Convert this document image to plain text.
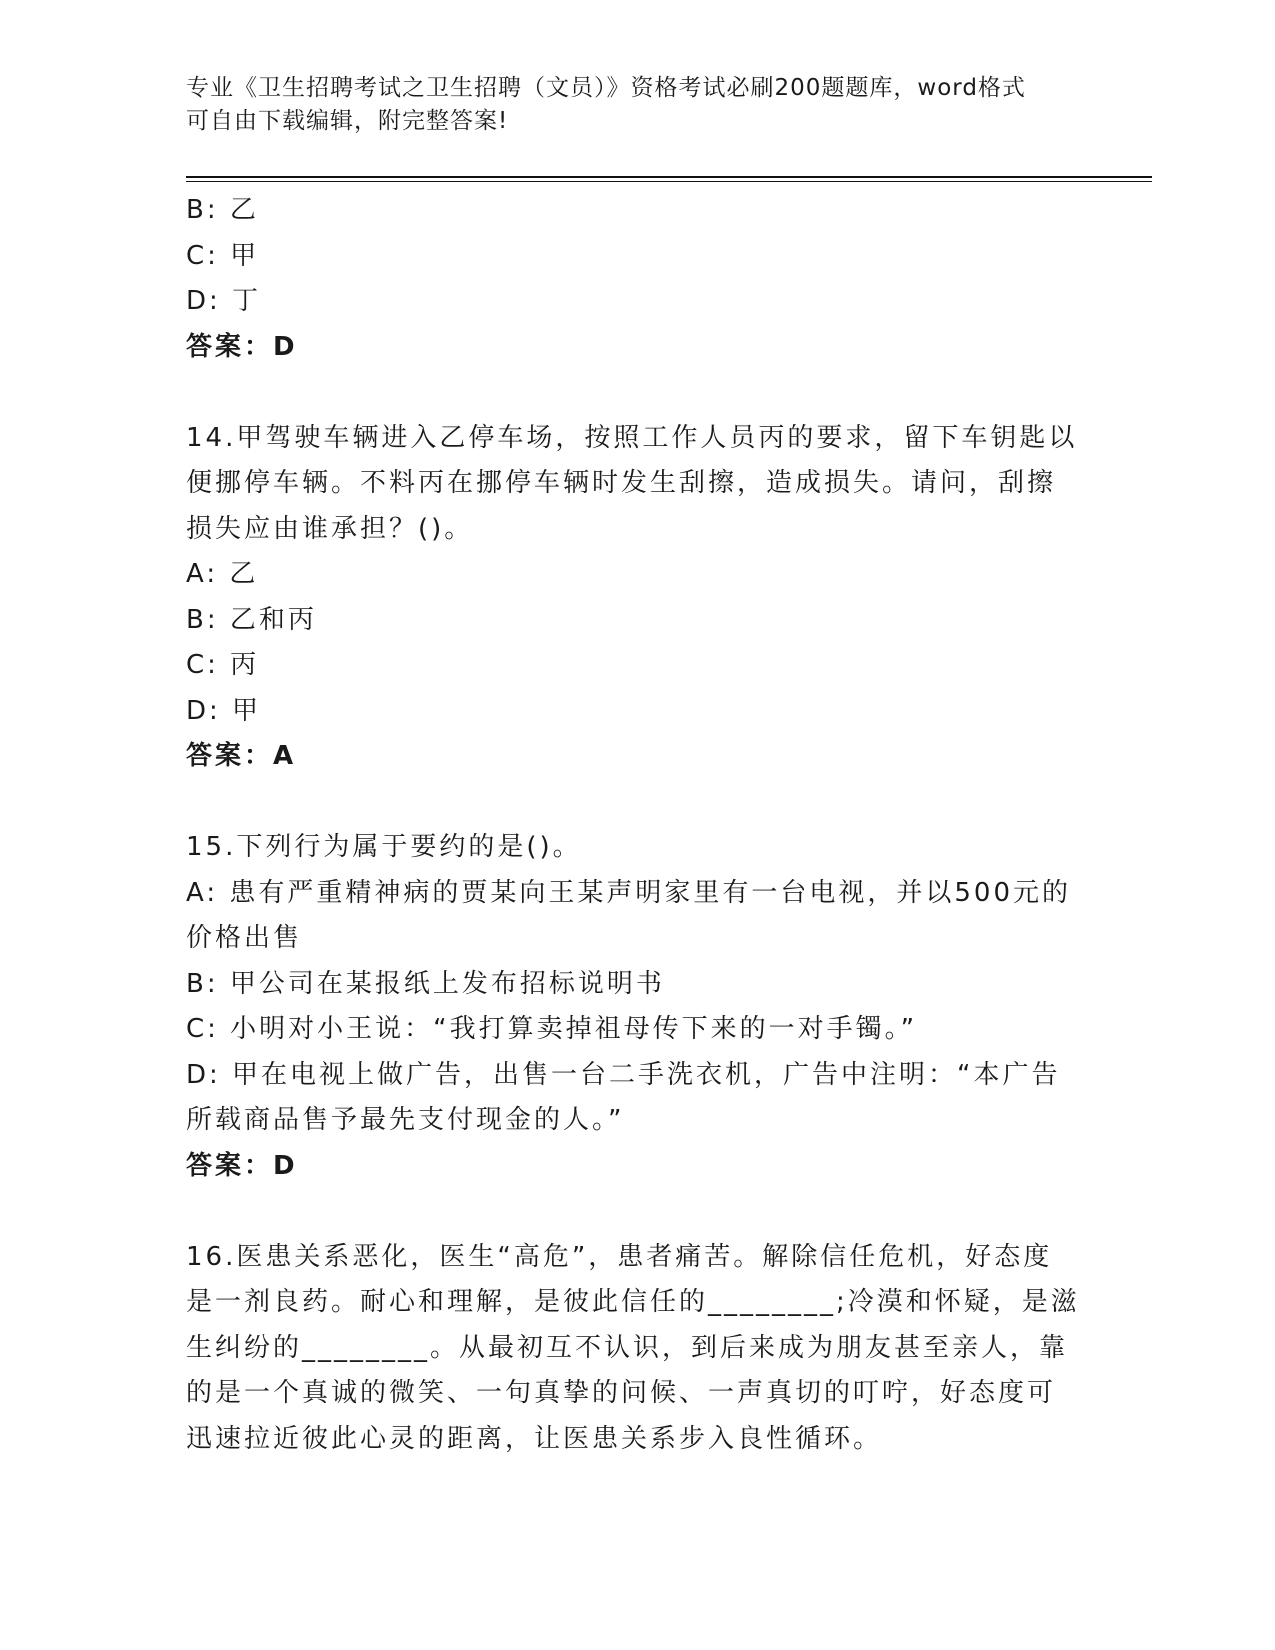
专业《卫生招聘考试之卫生招聘（文员）》资格考试必刷200题题库，word格式
可自由下载编辑，附完整答案!
B: 乙
C: 甲
D: 丁
答案：D
14.甲驾驶车辆进入乙停车场，按照工作人员丙的要求，留下车钥匙以
便挪停车辆。不料丙在挪停车辆时发生刮擦，造成损失。请问，刮擦
损失应由谁承担？()。
A: 乙
B: 乙和丙
C: 丙
D: 甲
答案：A
15.下列行为属于要约的是()。
A: 患有严重精神病的贾某向王某声明家里有一台电视，并以500元的
价格出售
B: 甲公司在某报纸上发布招标说明书
C: 小明对小王说：“我打算卖掉祖母传下来的一对手镯。”
D: 甲在电视上做广告，出售一台二手洗衣机，广告中注明：“本广告
所载商品售予最先支付现金的人。”
答案：D
16.医患关系恶化，医生“高危”，患者痛苦。解除信任危机，好态度
是一剂良药。耐心和理解，是彼此信任的________;冷漠和怀疑，是滋
生纠纷的________。从最初互不认识，到后来成为朋友甚至亲人，靠
的是一个真诚的微笑、一句真挚的问候、一声真切的叮咛，好态度可
迅速拉近彼此心灵的距离，让医患关系步入良性循环。
